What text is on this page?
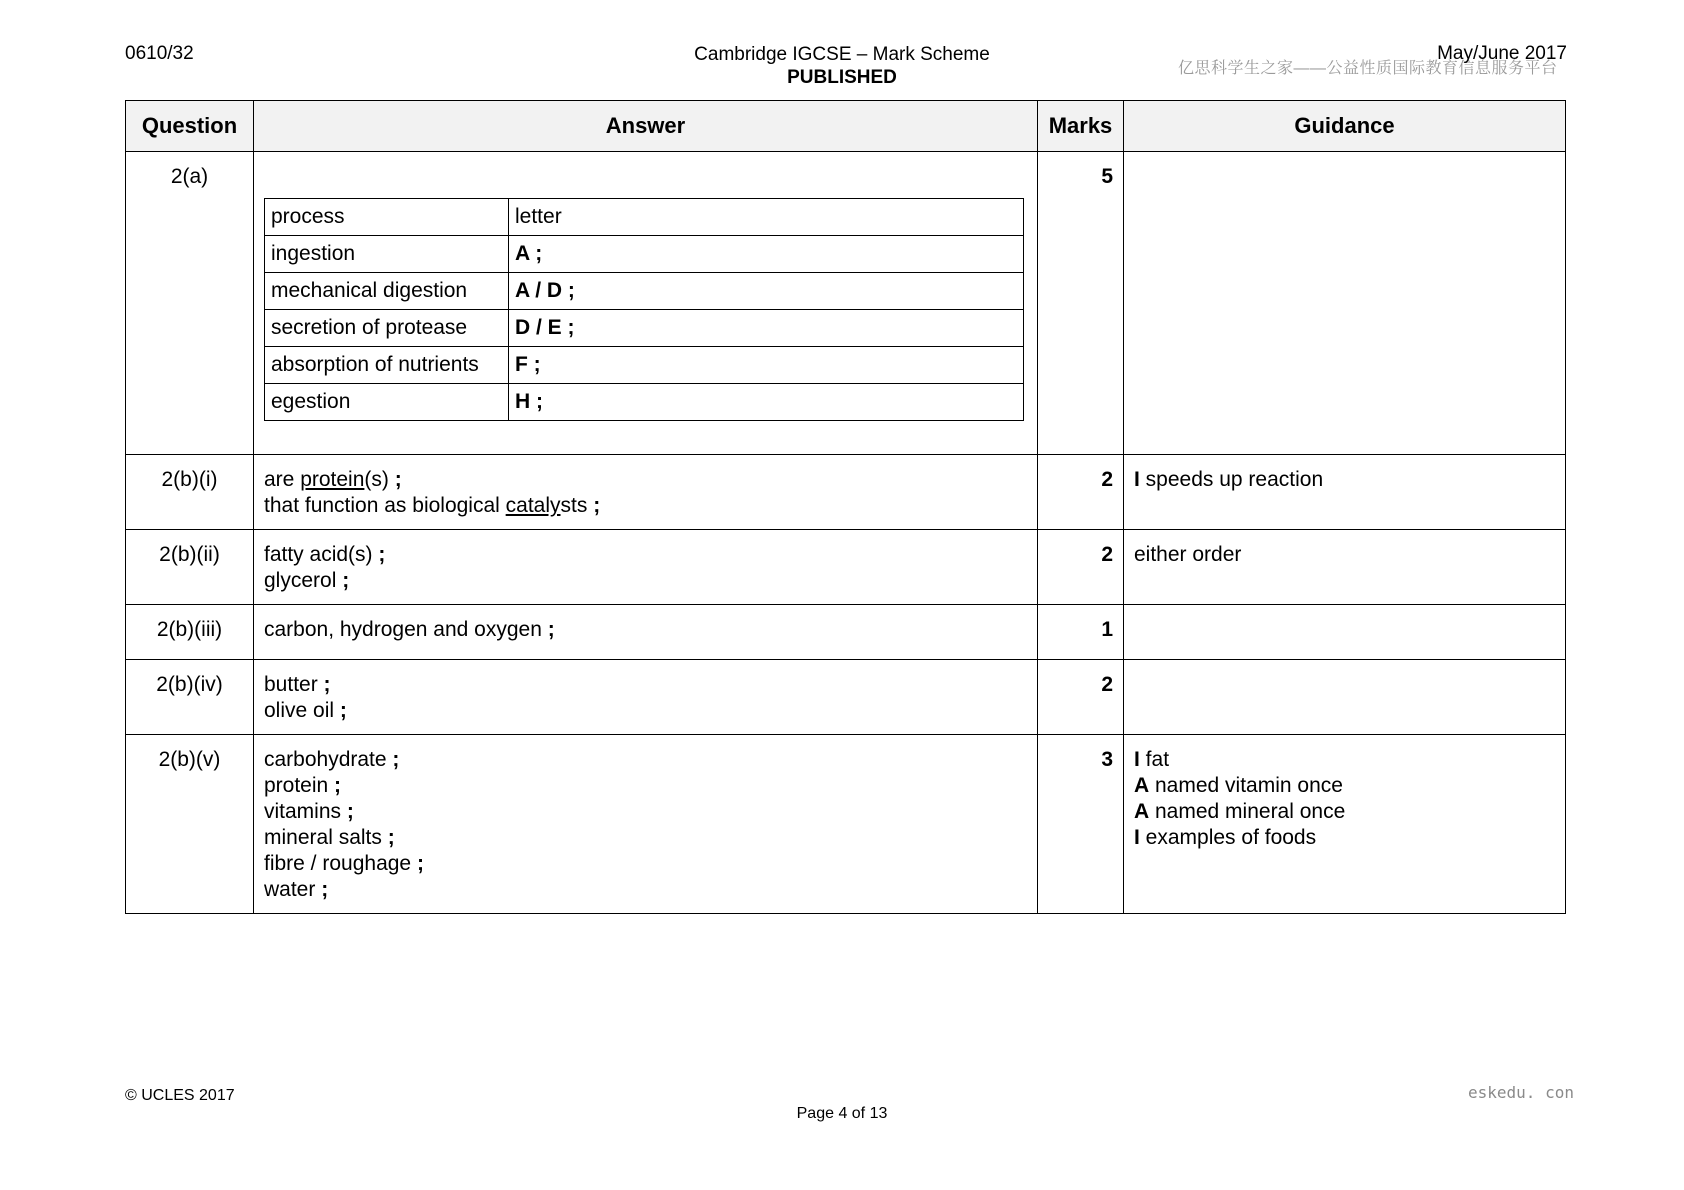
0610/32	Cambridge IGCSE – Mark Scheme
PUBLISHED	亿思科学生之家——公益性质国际教育信息服务平台
May/June 2017
Question	Answer	Marks	Guidance
2(a)	
process	letter
ingestion	A ;
mechanical digestion	A / D ;
secretion of protease	D / E ;
absorption of nutrients	F ;
egestion	H ;
	5	
2(b)(i)	are protein(s) ;
that function as biological catalysts ;
	2	I speeds up reaction

2(b)(ii)	fatty acid(s) ;
glycerol ;
	2	either order
2(b)(iii)	carbon, hydrogen and oxygen ;	1	
2(b)(iv)	butter ;
olive oil ;
	2	
2(b)(v)	carbohydrate ;
protein ;
vitamins ;
mineral salts ;
fibre / roughage ;
water ;
	3	I fat
A named vitamin once
A named mineral once
I examples of foods
© UCLES 2017
Page 4 of 13
eskedu. con
